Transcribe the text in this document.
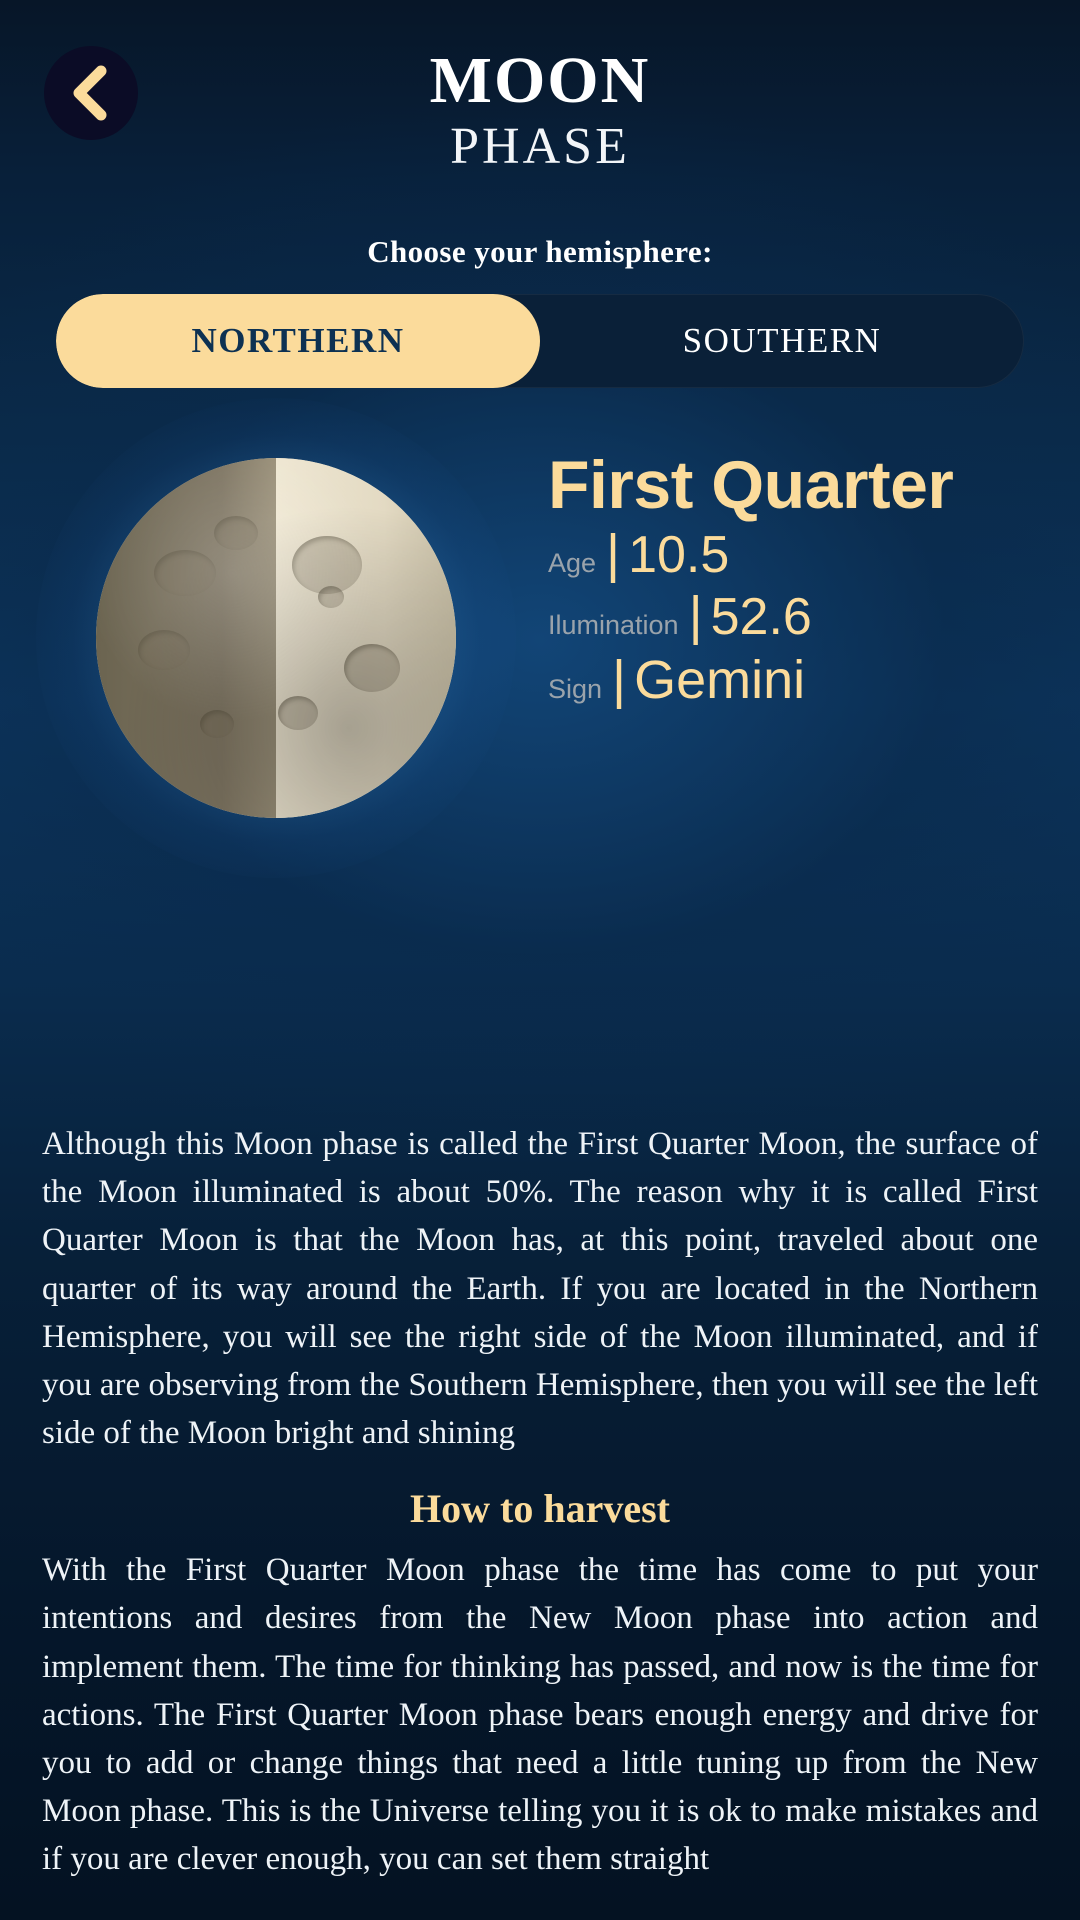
MOON
PHASE
Choose your hemisphere:
NORTHERN	SOUTHERN
First Quarter
Age | 10.5
Ilumination | 52.6
Sign | Gemini

Although this Moon phase is called the First Quarter Moon, the surface of the Moon illuminated is about 50%. The reason why it is called First Quarter Moon is that the Moon has, at this point, traveled about one quarter of its way around the Earth. If you are located in the Northern Hemisphere, you will see the right side of the Moon illuminated, and if you are observing from the Southern Hemisphere, then you will see the left side of the Moon bright and shining

How to harvest

With the First Quarter Moon phase the time has come to put your intentions and desires from the New Moon phase into action and implement them. The time for thinking has passed, and now is the time for actions. The First Quarter Moon phase bears enough energy and drive for you to add or change things that need a little tuning up from the New Moon phase. This is the Universe telling you it is ok to make mistakes and if you are clever enough, you can set them straight
